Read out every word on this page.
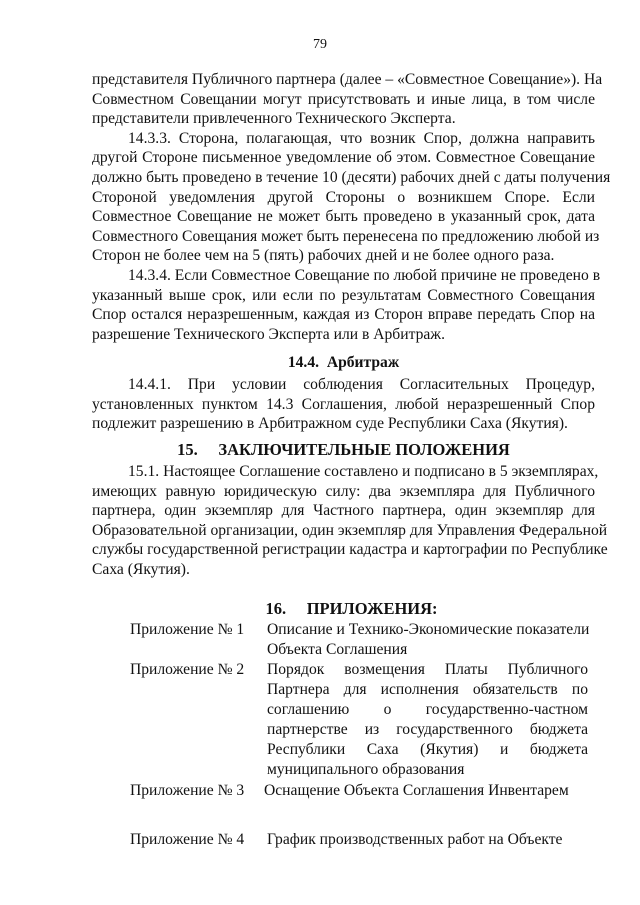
79
представителя Публичного партнера (далее – «Совместное Совещание»). На
Совместном Совещании могут присутствовать и иные лица, в том числе
представители привлеченного Технического Эксперта.
14.3.3. Сторона, полагающая, что возник Спор, должна направить
другой Стороне письменное уведомление об этом. Совместное Совещание
должно быть проведено в течение 10 (десяти) рабочих дней с даты получения
Стороной уведомления другой Стороны о возникшем Споре. Если
Совместное Совещание не может быть проведено в указанный срок, дата
Совместного Совещания может быть перенесена по предложению любой из
Сторон не более чем на 5 (пять) рабочих дней и не более одного раза.
14.3.4. Если Совместное Совещание по любой причине не проведено в
указанный выше срок, или если по результатам Совместного Совещания
Спор остался неразрешенным, каждая из Сторон вправе передать Спор на
разрешение Технического Эксперта или в Арбитраж.
14.4.  Арбитраж
14.4.1. При условии соблюдения Согласительных Процедур,
установленных пунктом 14.3 Соглашения, любой неразрешенный Спор
подлежит разрешению в Арбитражном суде Республики Саха (Якутия).
15.     ЗАКЛЮЧИТЕЛЬНЫЕ ПОЛОЖЕНИЯ
15.1. Настоящее Соглашение составлено и подписано в 5 экземплярах,
имеющих равную юридическую силу: два экземпляра для Публичного
партнера, один экземпляр для Частного партнера, один экземпляр для
Образовательной организации, один экземпляр для Управления Федеральной
службы государственной регистрации кадастра и картографии по Республике
Саха (Якутия).
16.     ПРИЛОЖЕНИЯ:
Приложение № 1 Описание и Технико-Экономические показатели
Объекта Соглашения
Приложение № 2 Порядок возмещения Платы Публичного
Партнера для исполнения обязательств по
соглашению о государственно-частном
партнерстве из государственного бюджета
Республики Саха (Якутия) и бюджета
муниципального образования
Приложение № 3 Оснащение Объекта Соглашения Инвентарем
Приложение № 4 График производственных работ на Объекте
